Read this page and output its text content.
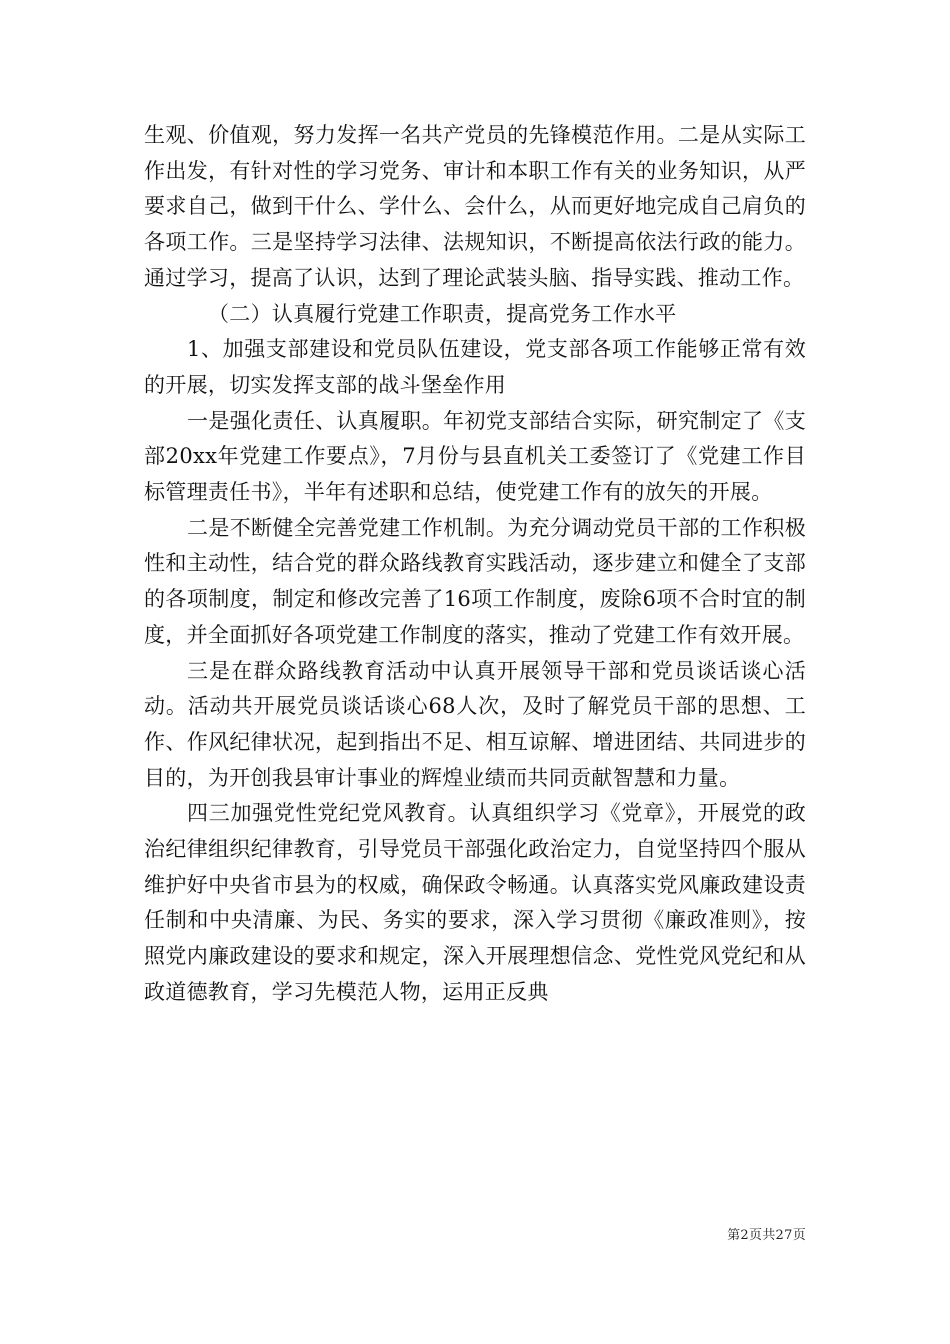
生观、价值观，努力发挥一名共产党员的先锋模范作用。二是从实际工作出发，有针对性的学习党务、审计和本职工作有关的业务知识，从严要求自己，做到干什么、学什么、会什么，从而更好地完成自己肩负的各项工作。三是坚持学习法律、法规知识，不断提高依法行政的能力。通过学习，提高了认识，达到了理论武装头脑、指导实践、推动工作。

（二）认真履行党建工作职责，提高党务工作水平

1、加强支部建设和党员队伍建设，党支部各项工作能够正常有效的开展，切实发挥支部的战斗堡垒作用

一是强化责任、认真履职。年初党支部结合实际，研究制定了《支部20xx年党建工作要点》，7月份与县直机关工委签订了《党建工作目标管理责任书》，半年有述职和总结，使党建工作有的放矢的开展。

二是不断健全完善党建工作机制。为充分调动党员干部的工作积极性和主动性，结合党的群众路线教育实践活动，逐步建立和健全了支部的各项制度，制定和修改完善了16项工作制度，废除6项不合时宜的制度，并全面抓好各项党建工作制度的落实，推动了党建工作有效开展。

三是在群众路线教育活动中认真开展领导干部和党员谈话谈心活动。活动共开展党员谈话谈心68人次，及时了解党员干部的思想、工作、作风纪律状况，起到指出不足、相互谅解、增进团结、共同进步的目的，为开创我县审计事业的辉煌业绩而共同贡献智慧和力量。

四三加强党性党纪党风教育。认真组织学习《党章》，开展党的政治纪律组织纪律教育，引导党员干部强化政治定力，自觉坚持四个服从维护好中央省市县为的权威，确保政令畅通。认真落实党风廉政建设责任制和中央清廉、为民、务实的要求，深入学习贯彻《廉政准则》，按照党内廉政建设的要求和规定，深入开展理想信念、党性党风党纪和从政道德教育，学习先模范人物，运用正反典

第2页共27页
